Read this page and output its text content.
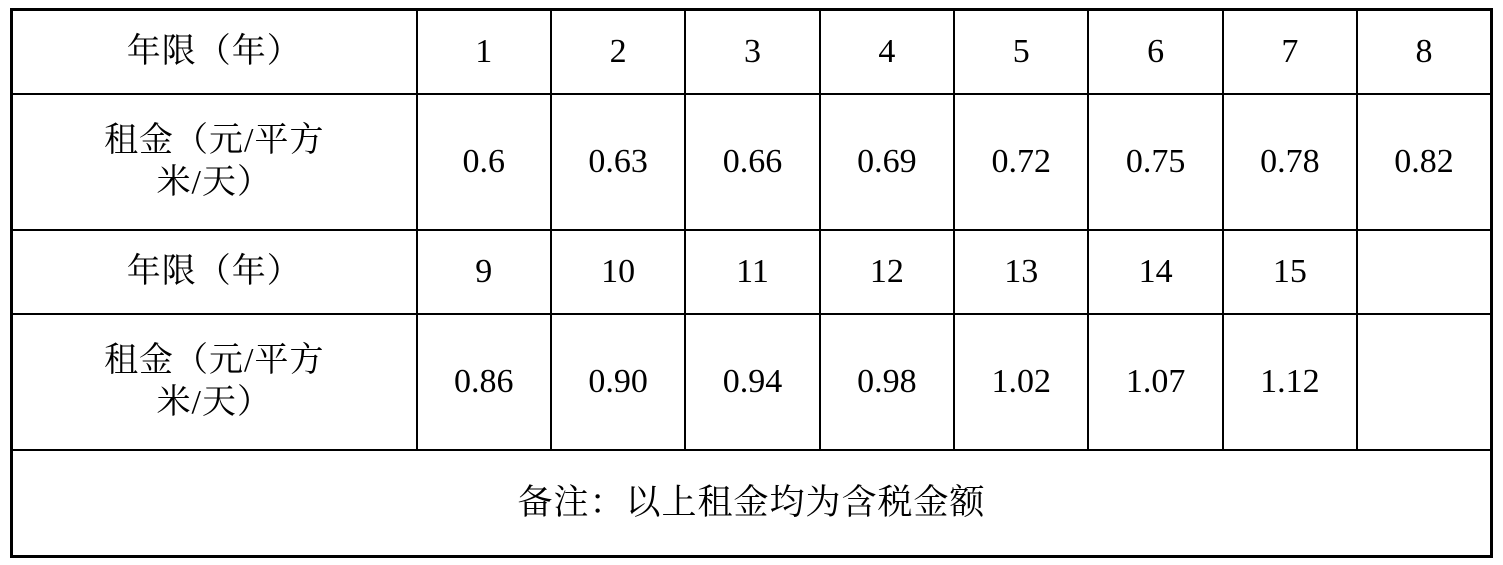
年限（年）	1	2	3	4	5	6	7	8

租金（元/平方
米/天）	0.6	0.63	0.66	0.69	0.72	0.75	0.78	0.82
年限（年）	9	10	11	12	13	14	15	

租金（元/平方
米/天）	0.86	0.90	0.94	0.98	1.02	1.07	1.12	
备注：以上租金均为含税金额								
